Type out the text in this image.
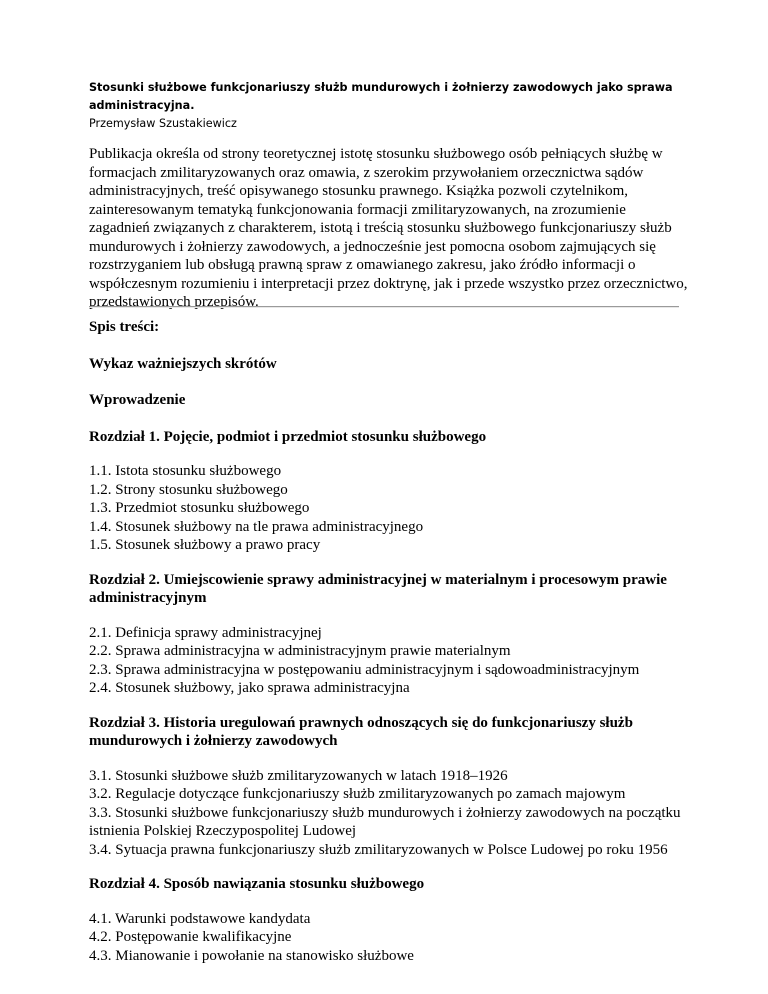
Stosunki służbowe funkcjonariuszy służb mundurowych i żołnierzy zawodowych jako sprawa administracyjna.
Przemysław Szustakiewicz
Publikacja określa od strony teoretycznej istotę stosunku służbowego osób pełniących służbę w formacjach zmilitaryzowanych oraz omawia, z szerokim przywołaniem orzecznictwa sądów administracyjnych, treść opisywanego stosunku prawnego. Książka pozwoli czytelnikom, zainteresowanym tematyką funkcjonowania formacji zmilitaryzowanych, na zrozumienie zagadnień związanych z charakterem, istotą i treścią stosunku służbowego funkcjonariuszy służb mundurowych i żołnierzy zawodowych, a jednocześnie jest pomocna osobom zajmujących się rozstrzyganiem lub obsługą prawną spraw z omawianego zakresu, jako źródło informacji o współczesnym rozumieniu i interpretacji przez doktrynę, jak i przede wszystko przez orzecznictwo, przedstawionych przepisów.

Spis treści:

Wykaz ważniejszych skrótów

Wprowadzenie

Rozdział 1. Pojęcie, podmiot i przedmiot stosunku służbowego

1.1. Istota stosunku służbowego

1.2. Strony stosunku służbowego

1.3. Przedmiot stosunku służbowego

1.4. Stosunek służbowy na tle prawa administracyjnego

1.5. Stosunek służbowy a prawo pracy

Rozdział 2. Umiejscowienie sprawy administracyjnej w materialnym i procesowym prawie administracyjnym

2.1. Definicja sprawy administracyjnej

2.2. Sprawa administracyjna w administracyjnym prawie materialnym

2.3. Sprawa administracyjna w postępowaniu administracyjnym i sądowoadministracyjnym

2.4. Stosunek służbowy, jako sprawa administracyjna

Rozdział 3. Historia uregulowań prawnych odnoszących się do funkcjonariuszy służb mundurowych i żołnierzy zawodowych

3.1. Stosunki służbowe służb zmilitaryzowanych w latach 1918–1926

3.2. Regulacje dotyczące funkcjonariuszy służb zmilitaryzowanych po zamach majowym

3.3. Stosunki służbowe funkcjonariuszy służb mundurowych i żołnierzy zawodowych na początku istnienia Polskiej Rzeczypospolitej Ludowej

3.4. Sytuacja prawna funkcjonariuszy służb zmilitaryzowanych w Polsce Ludowej po roku 1956

Rozdział 4. Sposób nawiązania stosunku służbowego

4.1. Warunki podstawowe kandydata

4.2. Postępowanie kwalifikacyjne

4.3. Mianowanie i powołanie na stanowisko służbowe
